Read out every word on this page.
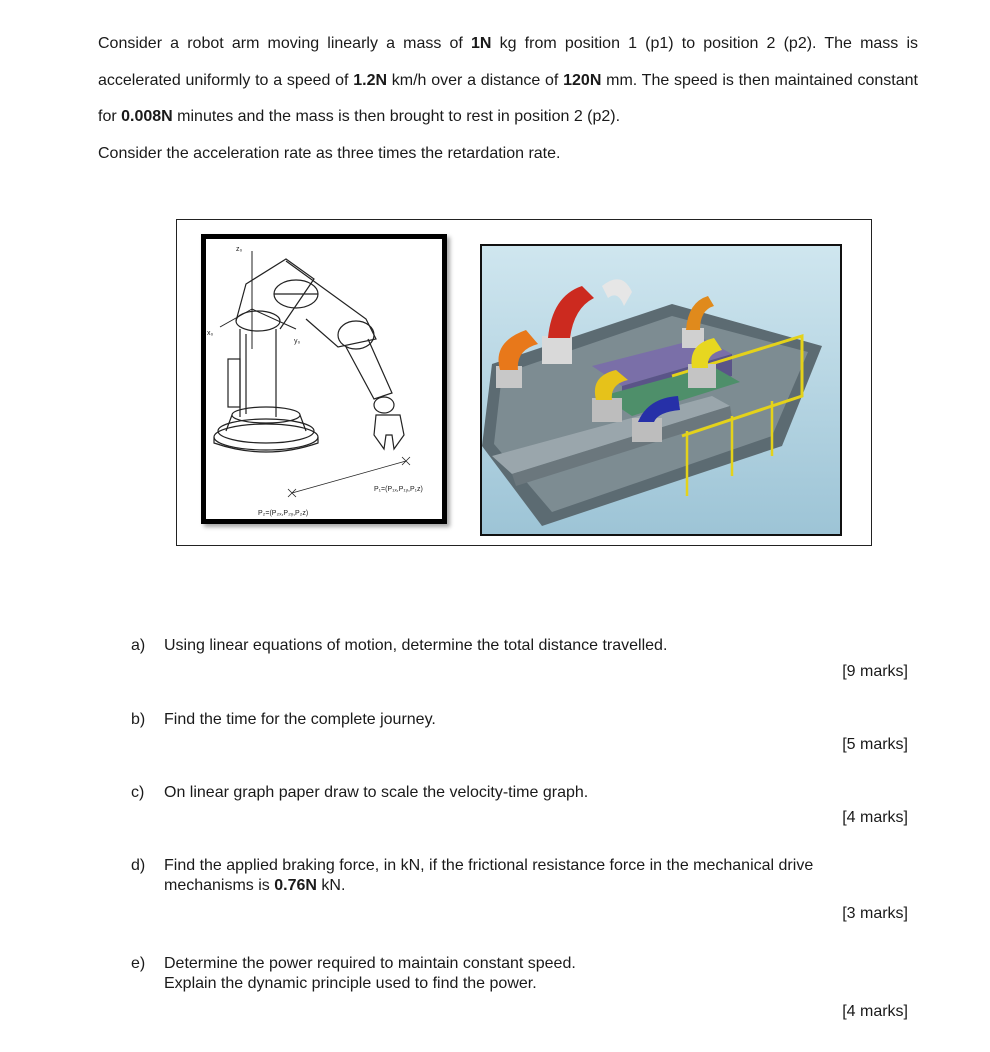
Consider a robot arm moving linearly a mass of 1N kg from position 1 (p1) to position 2 (p2). The mass is accelerated uniformly to a speed of 1.2N km/h over a distance of 120N mm. The speed is then maintained constant for 0.008N minutes and the mass is then brought to rest in position 2 (p2).

Consider the acceleration rate as three times the retardation rate.

z₀
x₀
y₀
P₁=(P₁ₓ,P₁ᵧ,P₁z)
P₂=(P₂ₓ,P₂ᵧ,P₂z)
a) Using linear equations of motion, determine the total distance travelled.
[9 marks]
b) Find the time for the complete journey.
[5 marks]
c) On linear graph paper draw to scale the velocity-time graph.
[4 marks]
d) Find the applied braking force, in kN, if the frictional resistance force in the mechanical drive
mechanisms is 0.76N kN.
[3 marks]
e) Determine the power required to maintain constant speed.
Explain the dynamic principle used to find the power.
[4 marks]
